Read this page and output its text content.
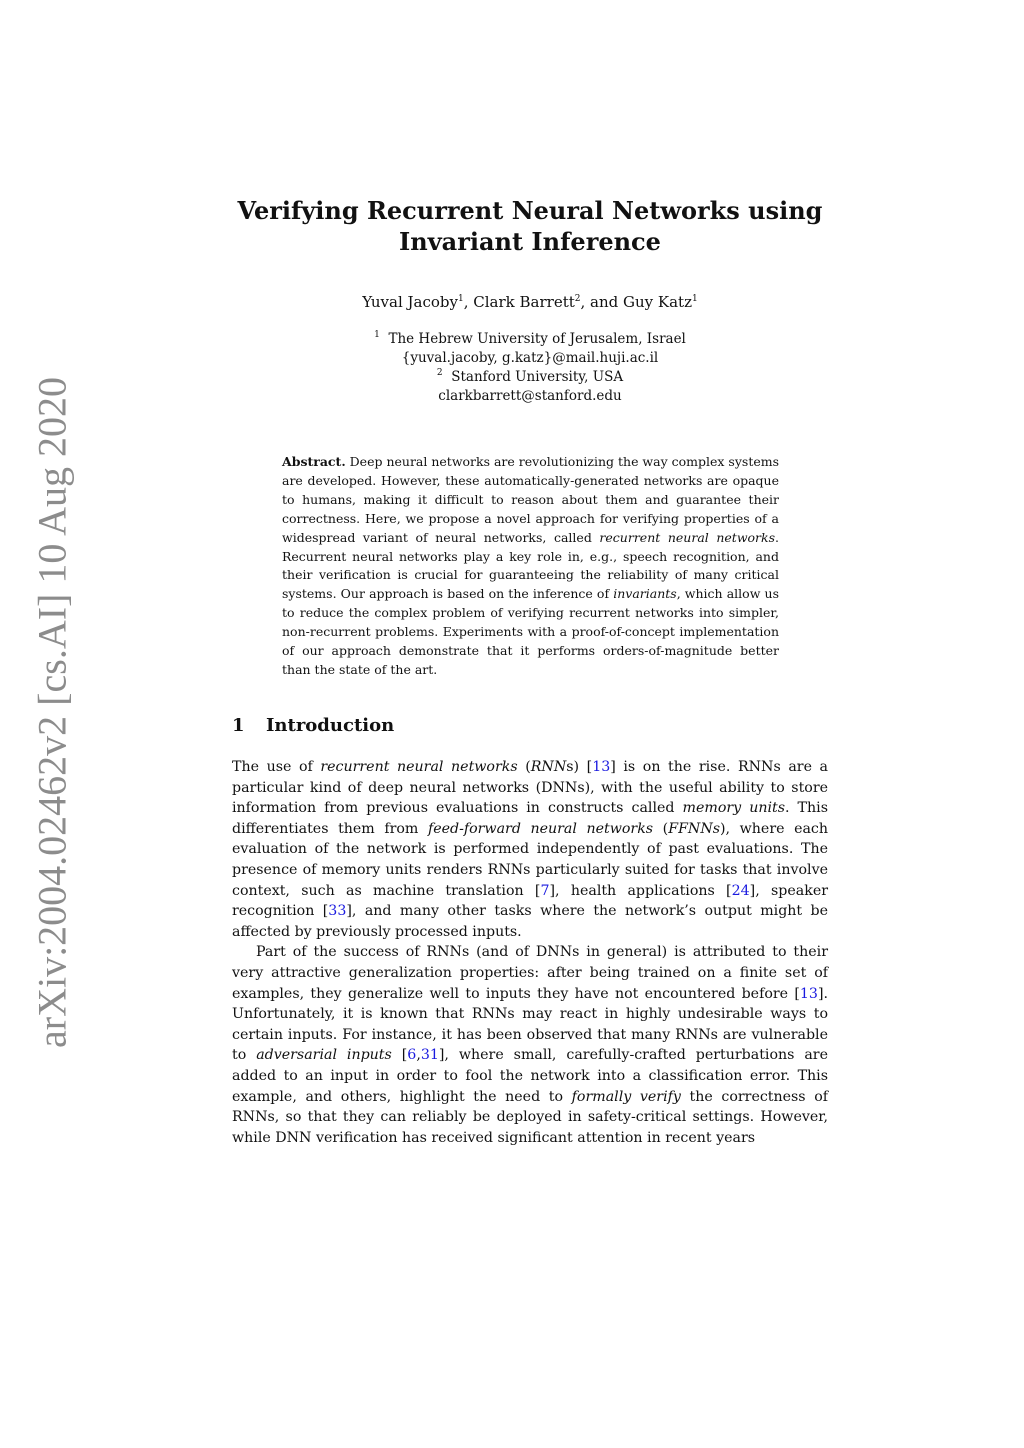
arXiv:2004.02462v2 [cs.AI] 10 Aug 2020
Verifying Recurrent Neural Networks using
Invariant Inference
Yuval Jacoby$^1$, Clark Barrett$^2$, and Guy Katz$^1$
$^1$ The Hebrew University of Jerusalem, Israel
{yuval.jacoby, g.katz}@mail.huji.ac.il
$^2$ Stanford University, USA
clarkbarrett@stanford.edu

Abstract. Deep neural networks are revolutionizing the way complex systems are developed. However, these automatically-generated networks are opaque to humans, making it difficult to reason about them and guarantee their correctness. Here, we propose a novel approach for verifying properties of a widespread variant of neural networks, called recurrent neural networks. Recurrent neural networks play a key role in, e.g., speech recognition, and their verification is crucial for guaranteeing the reliability of many critical systems. Our approach is based on the inference of invariants, which allow us to reduce the complex problem of verifying recurrent networks into simpler, non-recurrent problems. Experiments with a proof-of-concept implementation of our approach demonstrate that it performs orders-of-magnitude better than the state of the art.

1 Introduction

The use of recurrent neural networks (RNNs) [13] is on the rise. RNNs are a particular kind of deep neural networks (DNNs), with the useful ability to store information from previous evaluations in constructs called memory units. This differentiates them from feed-forward neural networks (FFNNs), where each evaluation of the network is performed independently of past evaluations. The presence of memory units renders RNNs particularly suited for tasks that involve context, such as machine translation [7], health applications [24], speaker recognition [33], and many other tasks where the network’s output might be affected by previously processed inputs.

Part of the success of RNNs (and of DNNs in general) is attributed to their very attractive generalization properties: after being trained on a finite set of examples, they generalize well to inputs they have not encountered before [13]. Unfortunately, it is known that RNNs may react in highly undesirable ways to certain inputs. For instance, it has been observed that many RNNs are vulnerable to adversarial inputs [6,31], where small, carefully-crafted perturbations are added to an input in order to fool the network into a classification error. This example, and others, highlight the need to formally verify the correctness of RNNs, so that they can reliably be deployed in safety-critical settings. However, while DNN verification has received significant attention in recent years
